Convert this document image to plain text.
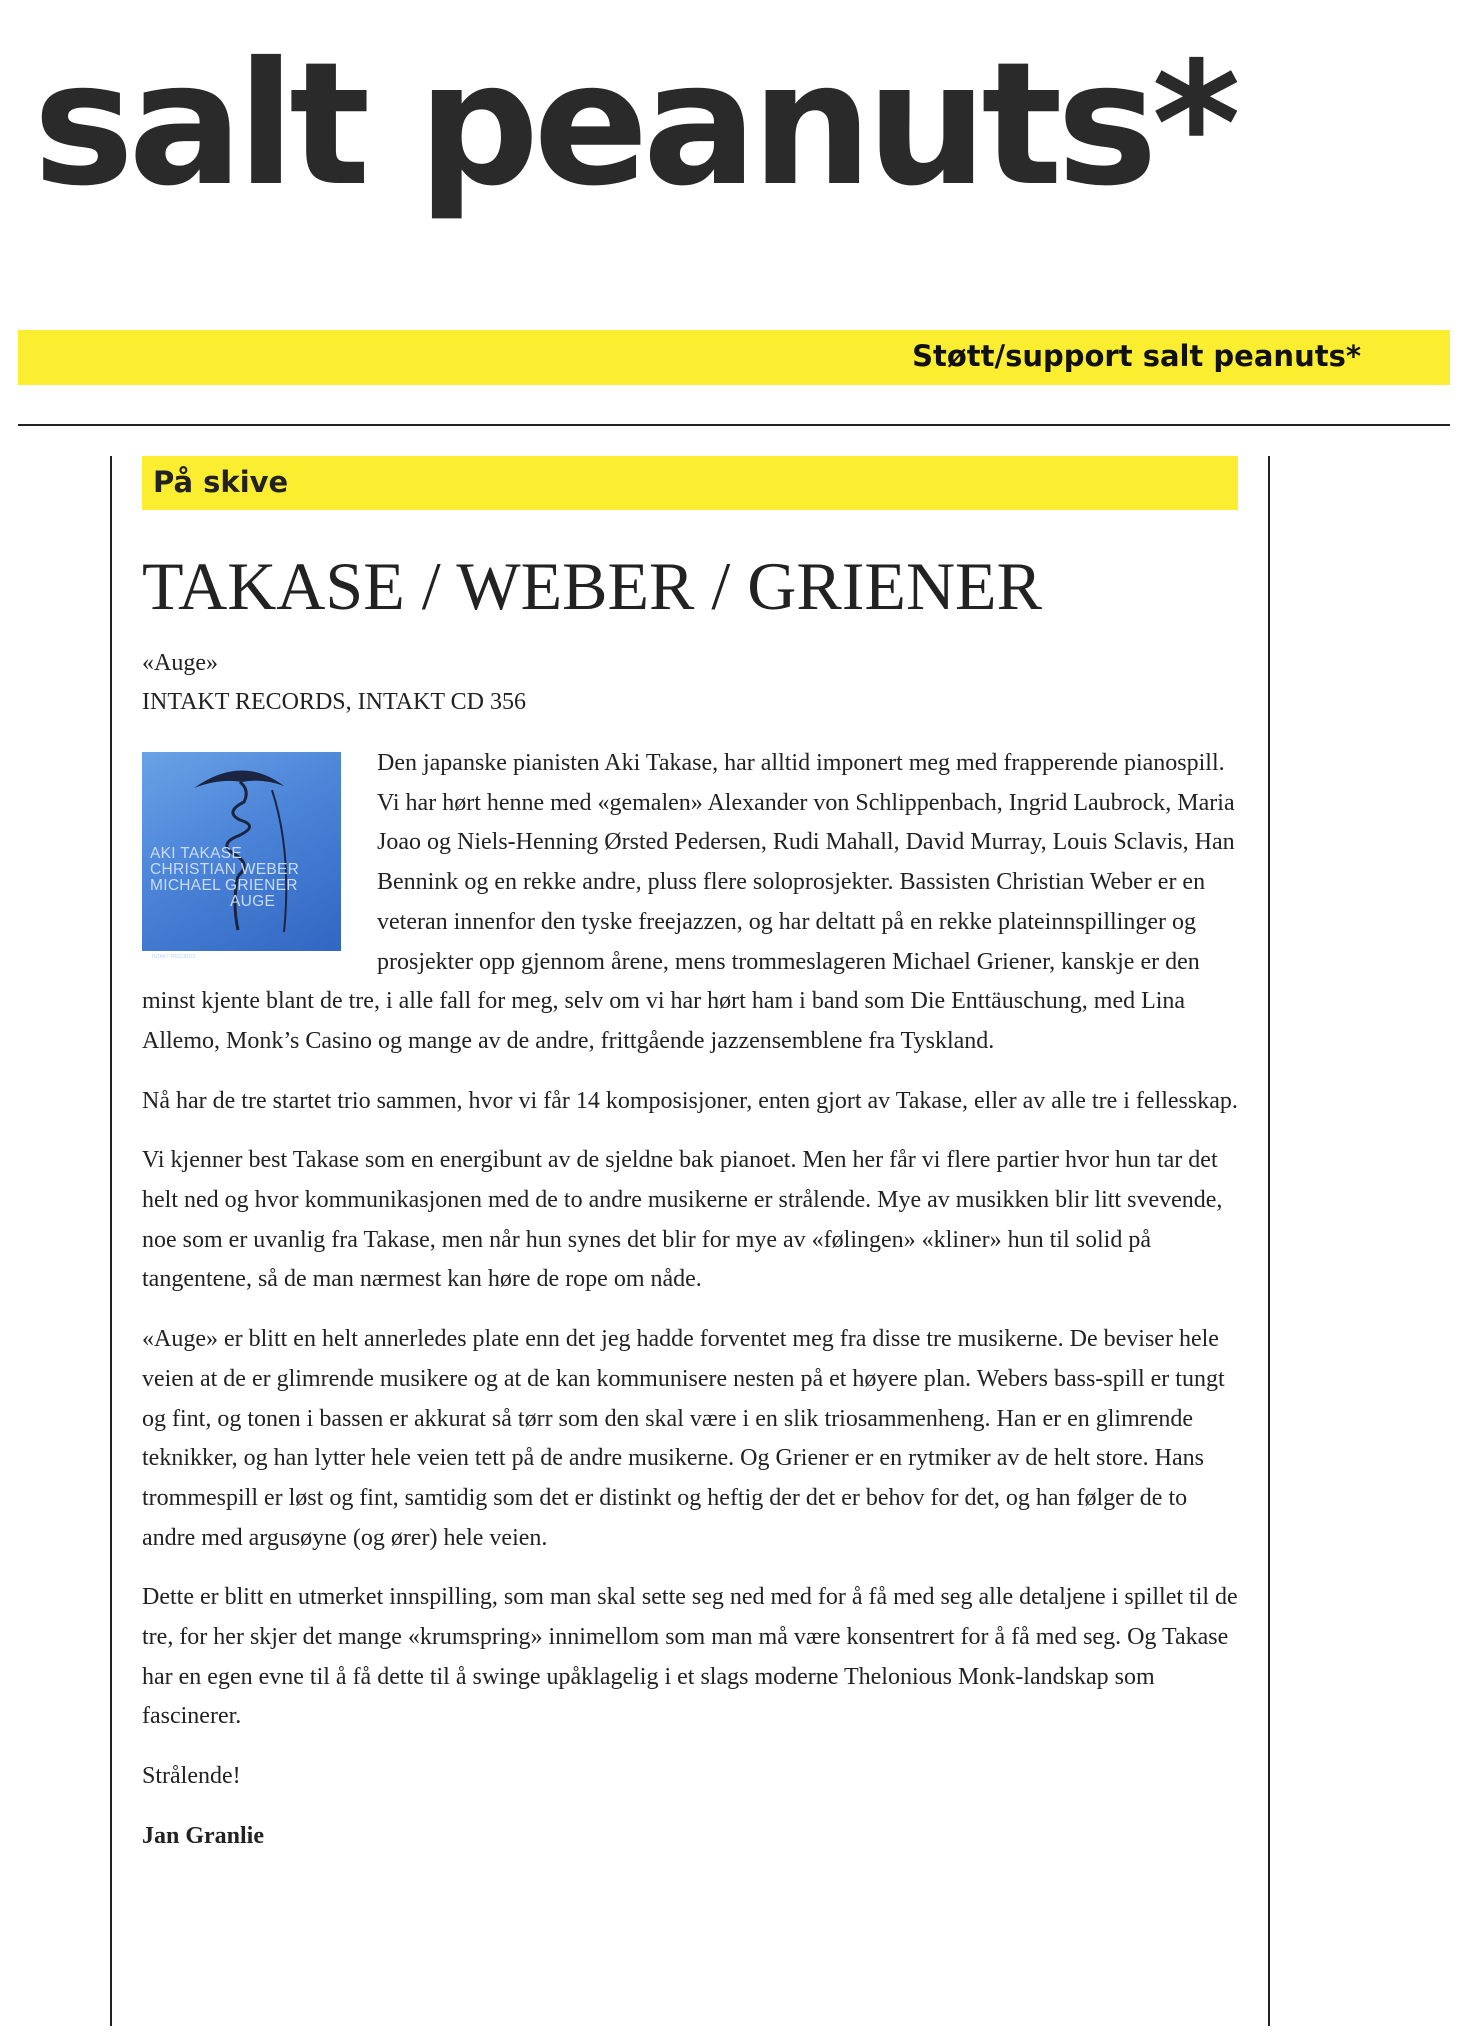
salt peanuts*
Støtt/support salt peanuts*
På skive
TAKASE / WEBER / GRIENER
«Auge»
INTAKT RECORDS, INTAKT CD 356
AKI TAKASE
CHRISTIAN WEBER
MICHAEL GRIENER
AUGE
INTAKT RECORDS

Den japanske pianisten Aki Takase, har alltid imponert meg med frapperende pianospill. Vi har hørt henne med «gemalen» Alexander von Schlippenbach, Ingrid Laubrock, Maria Joao og Niels-Henning Ørsted Pedersen, Rudi Mahall, David Murray, Louis Sclavis, Han Bennink og en rekke andre, pluss flere soloprosjekter. Bassisten Christian Weber er en veteran innenfor den tyske freejazzen, og har deltatt på en rekke plateinnspillinger og prosjekter opp gjennom årene, mens trommeslageren Michael Griener, kanskje er den minst kjente blant de tre, i alle fall for meg, selv om vi har hørt ham i band som Die Enttäuschung, med Lina Allemo, Monk’s Casino og mange av de andre, frittgående jazzensemblene fra Tyskland.

Nå har de tre startet trio sammen, hvor vi får 14 komposisjoner, enten gjort av Takase, eller av alle tre i fellesskap.

Vi kjenner best Takase som en energibunt av de sjeldne bak pianoet. Men her får vi flere partier hvor hun tar det helt ned og hvor kommunikasjonen med de to andre musikerne er strålende. Mye av musikken blir litt svevende, noe som er uvanlig fra Takase, men når hun synes det blir for mye av «følingen» «kliner» hun til solid på tangentene, så de man nærmest kan høre de rope om nåde.

«Auge» er blitt en helt annerledes plate enn det jeg hadde forventet meg fra disse tre musikerne. De beviser hele veien at de er glimrende musikere og at de kan kommunisere nesten på et høyere plan. Webers bass-spill er tungt og fint, og tonen i bassen er akkurat så tørr som den skal være i en slik triosammenheng. Han er en glimrende teknikker, og han lytter hele veien tett på de andre musikerne. Og Griener er en rytmiker av de helt store. Hans trommespill er løst og fint, samtidig som det er distinkt og heftig der det er behov for det, og han følger de to andre med argusøyne (og ører) hele veien.

Dette er blitt en utmerket innspilling, som man skal sette seg ned med for å få med seg alle detaljene i spillet til de tre, for her skjer det mange «krumspring» innimellom som man må være konsentrert for å få med seg. Og Takase har en egen evne til å få dette til å swinge upåklagelig i et slags moderne Thelonious Monk-landskap som fascinerer.

Strålende!

Jan Granlie
